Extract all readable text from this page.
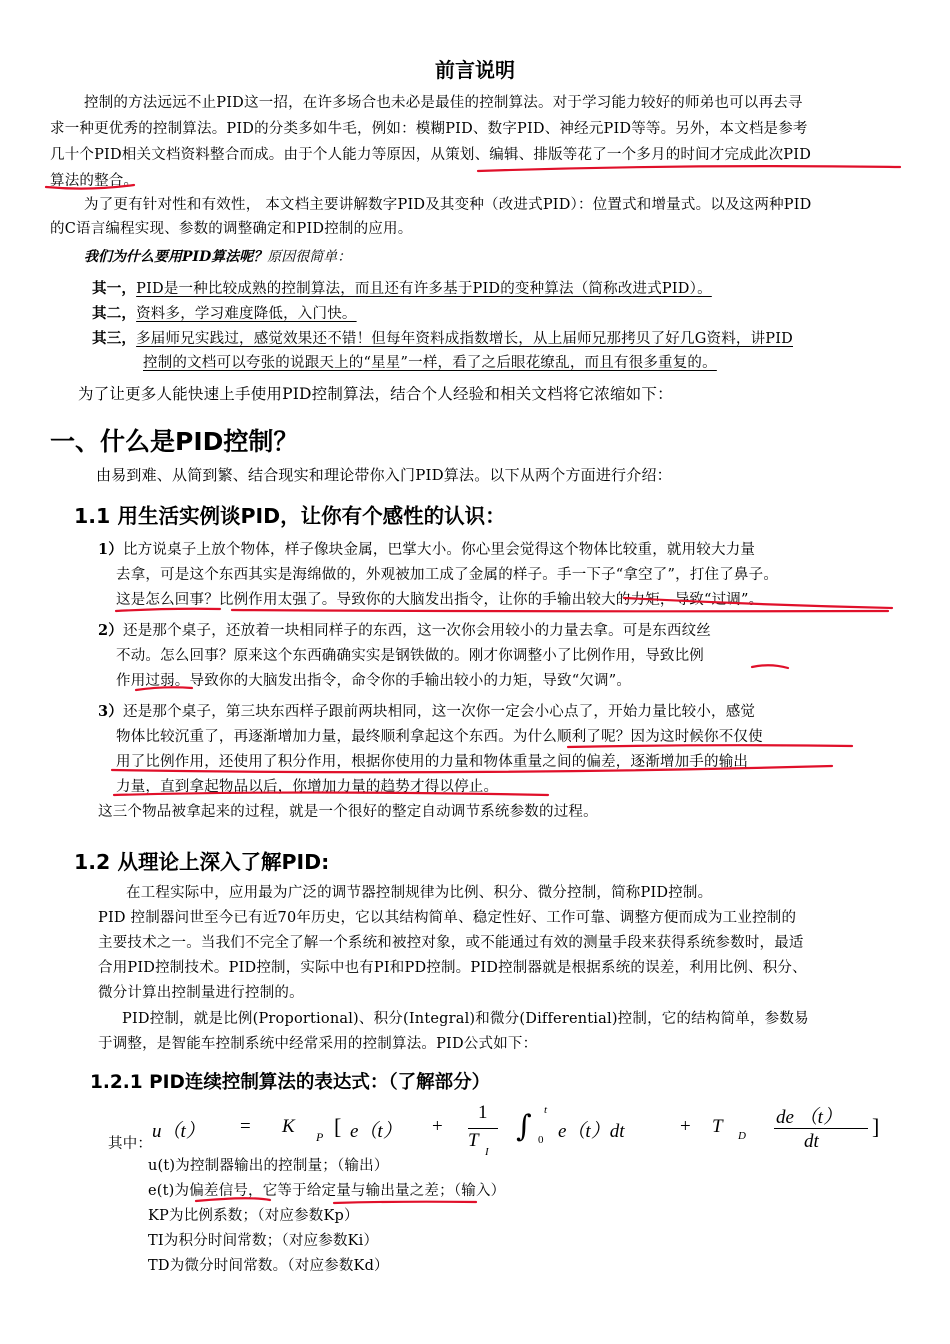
前言说明
控制的方法远远不止PID这一招，在许多场合也未必是最佳的控制算法。对于学习能力较好的师弟也可以再去寻
求一种更优秀的控制算法。PID的分类多如牛毛，例如：模糊PID、数字PID、神经元PID等等。另外，本文档是参考
几十个PID相关文档资料整合而成。由于个人能力等原因，从策划、编辑、排版等花了一个多月的时间才完成此次PID
算法的整合。
为了更有针对性和有效性， 本文档主要讲解数字PID及其变种（改进式PID）：位置式和增量式。以及这两种PID
的C语言编程实现、参数的调整确定和PID控制的应用。
我们为什么要用PID算法呢？原因很简单：
其一，PID是一种比较成熟的控制算法，而且还有许多基于PID的变种算法（简称改进式PID）。
其二，资料多，学习难度降低，入门快。
其三，多届师兄实践过，感觉效果还不错！但每年资料成指数增长，从上届师兄那拷贝了好几G资料，讲PID
控制的文档可以夸张的说跟天上的“星星”一样，看了之后眼花缭乱，而且有很多重复的。
为了让更多人能快速上手使用PID控制算法，结合个人经验和相关文档将它浓缩如下：
一、什么是PID控制？
由易到难、从简到繁、结合现实和理论带你入门PID算法。以下从两个方面进行介绍：
1.1 用生活实例谈PID，让你有个感性的认识：
1）比方说桌子上放个物体，样子像块金属，巴掌大小。你心里会觉得这个物体比较重，就用较大力量
去拿，可是这个东西其实是海绵做的，外观被加工成了金属的样子。手一下子“拿空了”，打住了鼻子。
这是怎么回事？比例作用太强了。导致你的大脑发出指令，让你的手输出较大的力矩，导致“过调”。
2）还是那个桌子，还放着一块相同样子的东西，这一次你会用较小的力量去拿。可是东西纹丝
不动。怎么回事？原来这个东西确确实实是钢铁做的。刚才你调整小了比例作用，导致比例
作用过弱。导致你的大脑发出指令，命令你的手输出较小的力矩，导致“欠调”。
3）还是那个桌子，第三块东西样子跟前两块相同，这一次你一定会小心点了，开始力量比较小，感觉
物体比较沉重了，再逐渐增加力量，最终顺利拿起这个东西。为什么顺利了呢？因为这时候你不仅使
用了比例作用，还使用了积分作用，根据你使用的力量和物体重量之间的偏差，逐渐增加手的输出
力量，直到拿起物品以后，你增加力量的趋势才得以停止。
这三个物品被拿起来的过程，就是一个很好的整定自动调节系统参数的过程。
1.2 从理论上深入了解PID:
在工程实际中，应用最为广泛的调节器控制规律为比例、积分、微分控制，简称PID控制。
PID 控制器问世至今已有近70年历史，它以其结构简单、稳定性好、工作可靠、调整方便而成为工业控制的
主要技术之一。当我们不完全了解一个系统和被控对象，或不能通过有效的测量手段来获得系统参数时，最适
合用PID控制技术。PID控制，实际中也有PI和PD控制。PID控制器就是根据系统的误差，利用比例、积分、
微分计算出控制量进行控制的。
PID控制，就是比例(Proportional)、积分(Integral)和微分(Differential)控制，它的结构简单，参数易
于调整，是智能车控制系统中经常采用的控制算法。PID公式如下：
1.2.1 PID连续控制算法的表达式：（了解部分）
其中：
u（t） = K P [ e（t） +
1
T
I
∫ t
0 e（t）dt	+ T D
de （t）
dt
]
u(t)为控制器输出的控制量；（输出）
e(t)为偏差信号，它等于给定量与输出量之差；（输入）
KP为比例系数；（对应参数Kp）
TI为积分时间常数；（对应参数Ki）
TD为微分时间常数。（对应参数Kd）
